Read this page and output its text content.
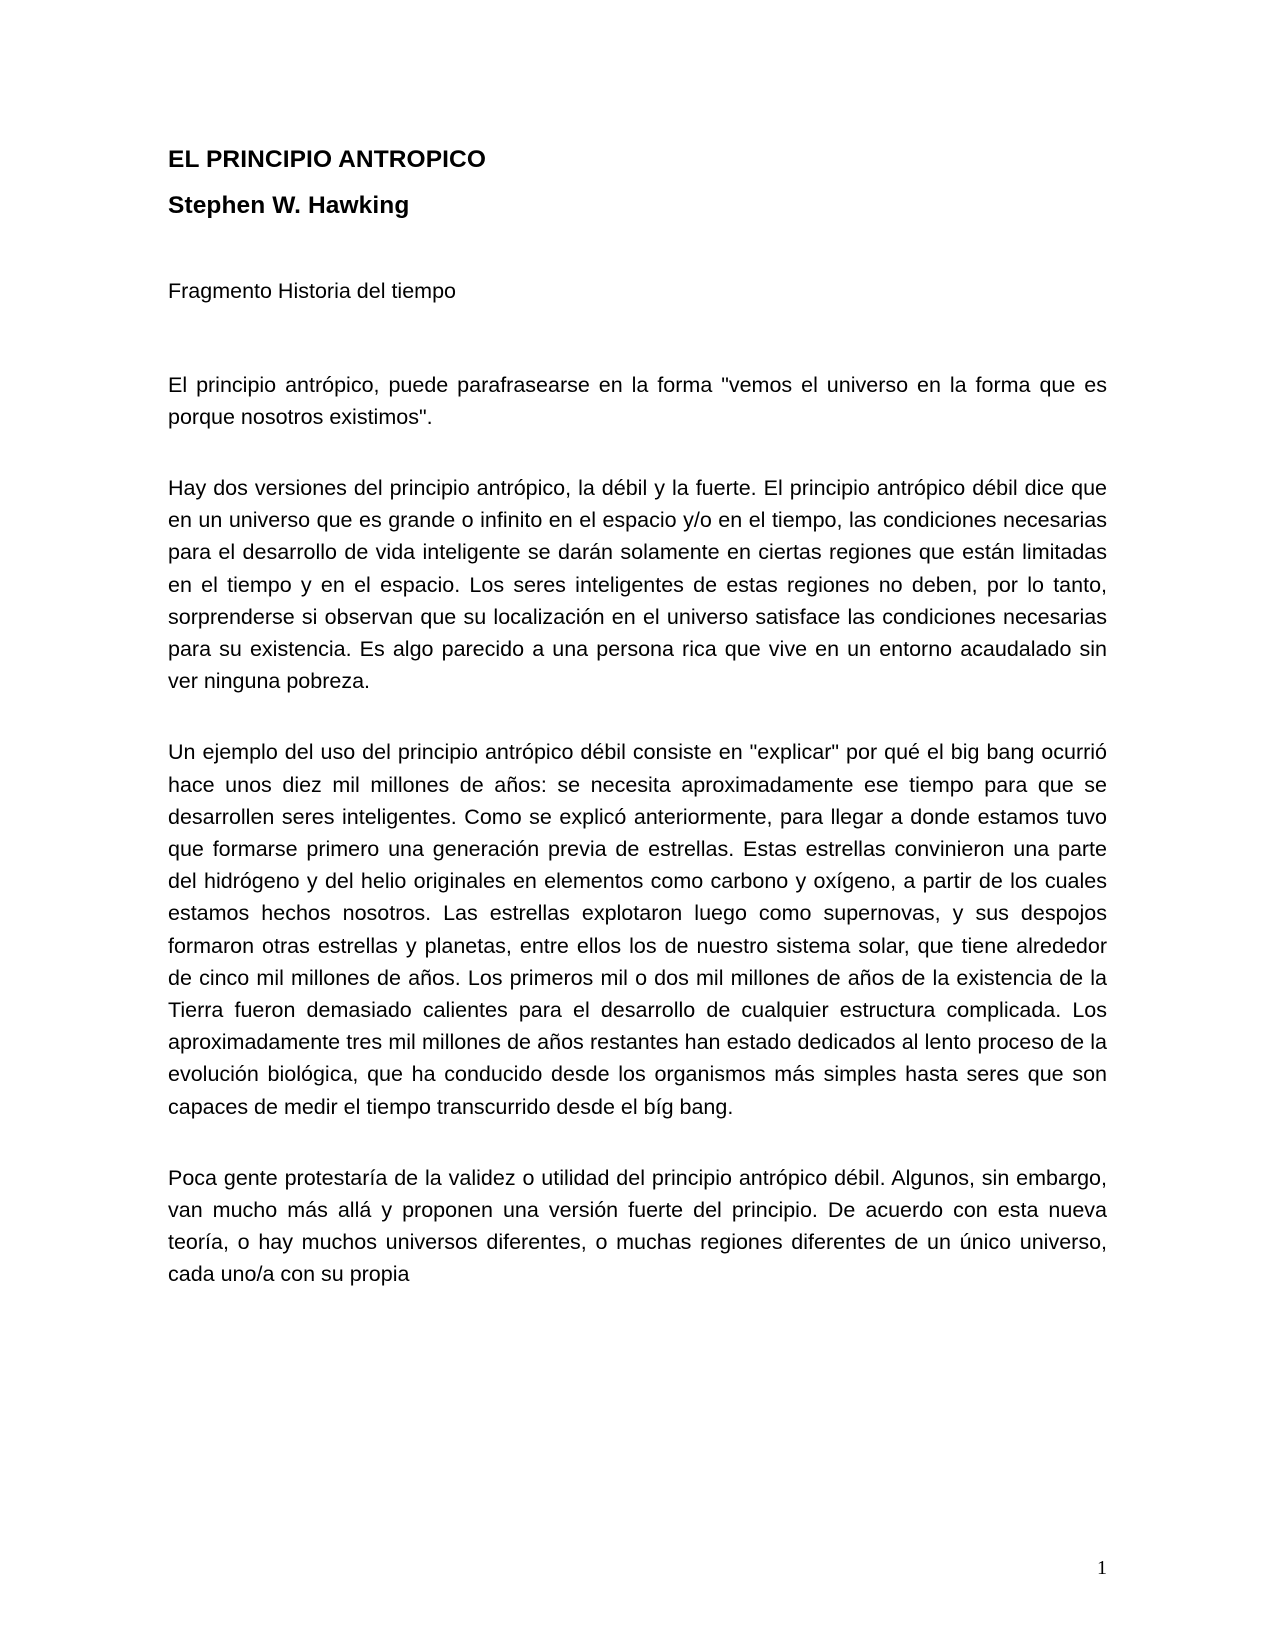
EL PRINCIPIO ANTROPICO
Stephen W. Hawking

Fragmento Historia del tiempo

El principio antrópico, puede parafrasearse en la forma "vemos el universo en la forma que es porque nosotros existimos".

Hay dos versiones del principio antrópico, la débil y la fuerte. El principio antrópico débil dice que en un universo que es grande o infinito en el espacio y/o en el tiempo, las condiciones necesarias para el desarrollo de vida inteligente se darán solamente en ciertas regiones que están limitadas en el tiempo y en el espacio. Los seres inteligentes de estas regiones no deben, por lo tanto, sorprenderse si observan que su localización en el universo satisface las condiciones necesarias para su existencia. Es algo parecido a una persona rica que vive en un entorno acaudalado sin ver ninguna pobreza.

Un ejemplo del uso del principio antrópico débil consiste en "explicar" por qué el big bang ocurrió hace unos diez mil millones de años: se necesita aproximadamente ese tiempo para que se desarrollen seres inteligentes. Como se explicó anteriormente, para llegar a donde estamos tuvo que formarse primero una generación previa de estrellas. Estas estrellas convinieron una parte del hidrógeno y del helio originales en elementos como carbono y oxígeno, a partir de los cuales estamos hechos nosotros. Las estrellas explotaron luego como supernovas, y sus despojos formaron otras estrellas y planetas, entre ellos los de nuestro sistema solar, que tiene alrededor de cinco mil millones de años. Los primeros mil o dos mil millones de años de la existencia de la Tierra fueron demasiado calientes para el desarrollo de cualquier estructura complicada. Los aproximadamente tres mil millones de años restantes han estado dedicados al lento proceso de la evolución biológica, que ha conducido desde los organismos más simples hasta seres que son capaces de medir el tiempo transcurrido desde el bíg bang.

Poca gente protestaría de la validez o utilidad del principio antrópico débil. Algunos, sin embargo, van mucho más allá y proponen una versión fuerte del principio. De acuerdo con esta nueva teoría, o hay muchos universos diferentes, o muchas regiones diferentes de un único universo, cada uno/a con su propia

1
